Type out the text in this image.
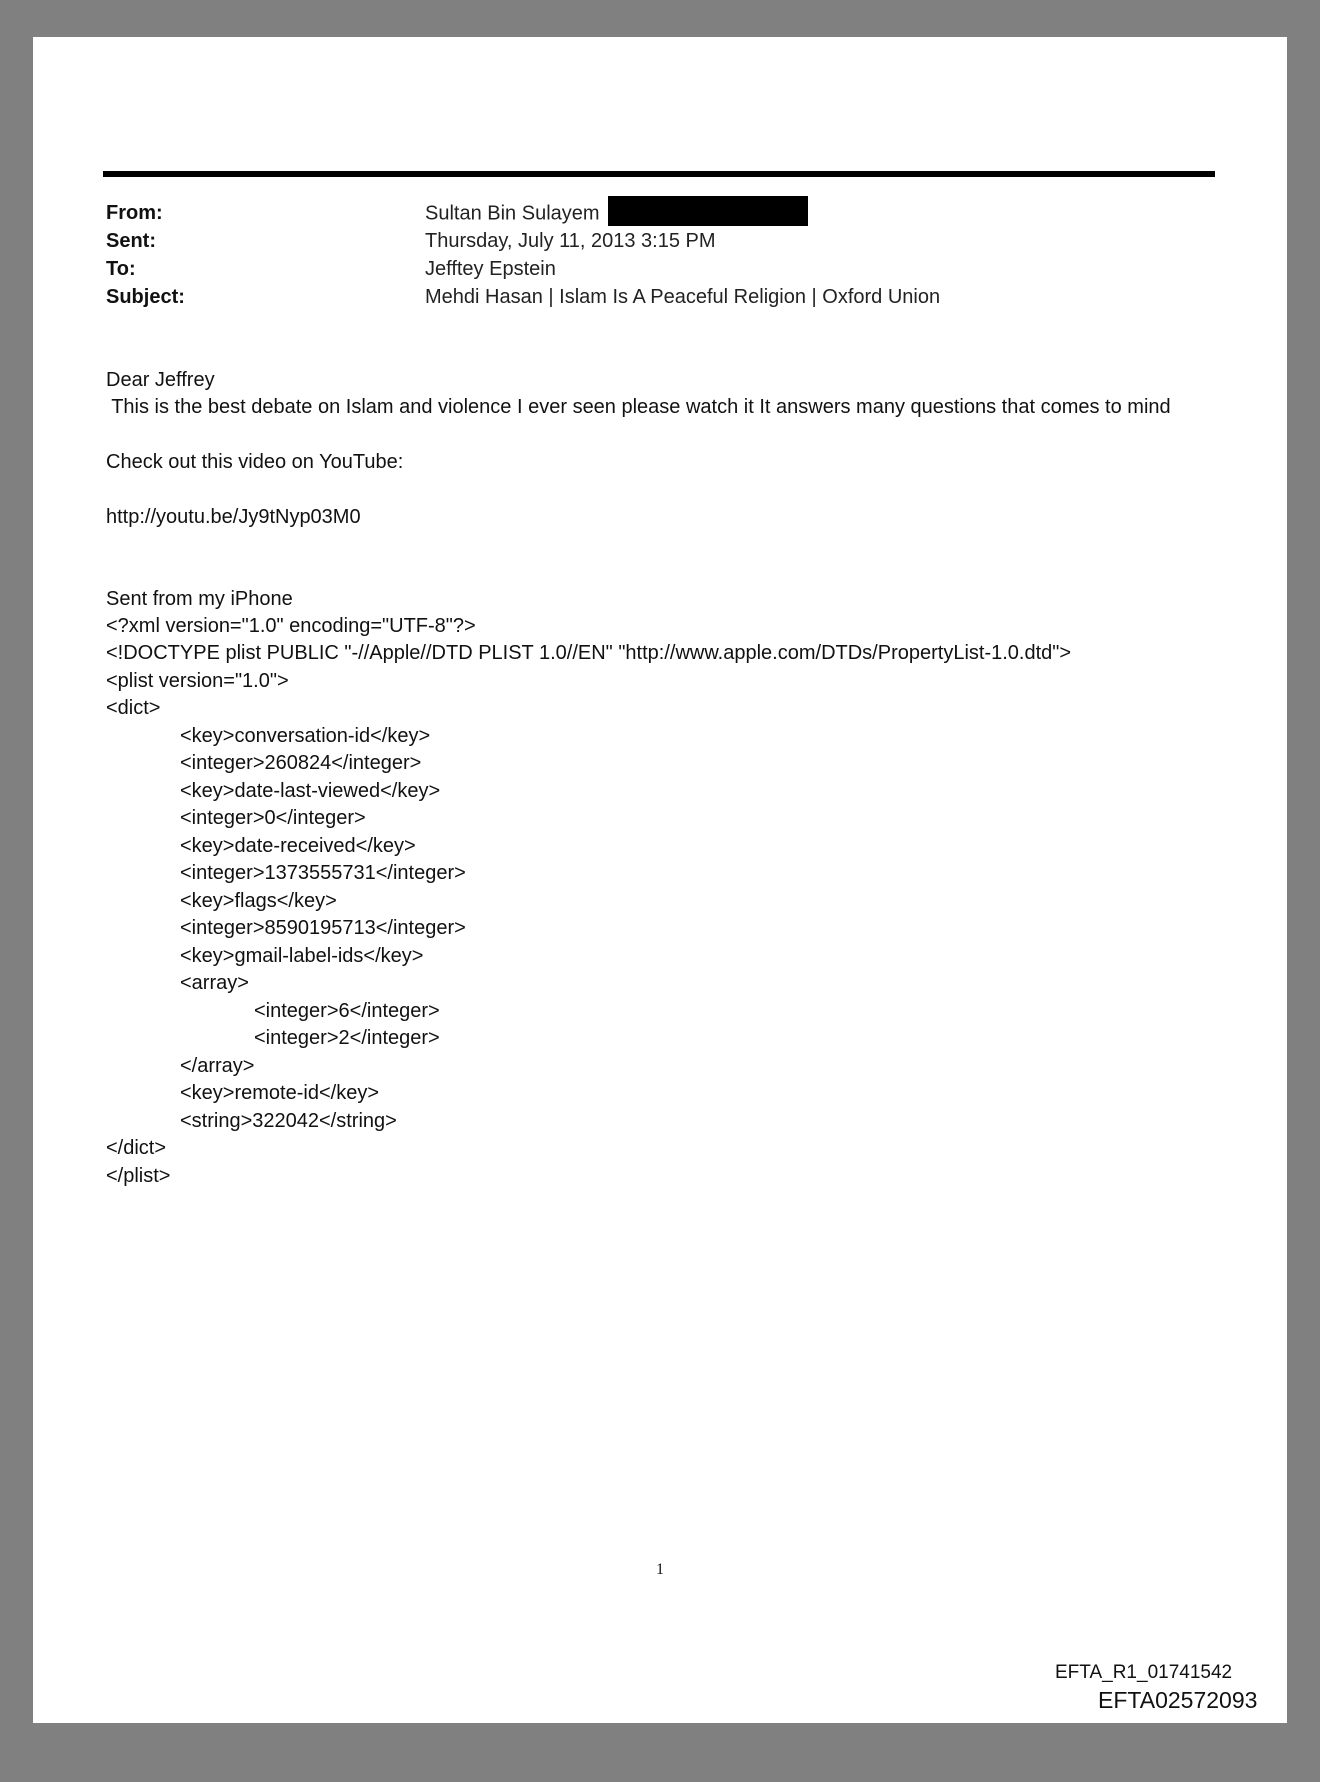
From:	Sultan Bin Sulayem
Sent:	Thursday, July 11, 2013 3:15 PM
To:	Jefftey Epstein
Subject:	Mehdi Hasan | Islam Is A Peaceful Religion | Oxford Union
Dear Jeffrey
This is the best debate on Islam and violence I ever seen please watch it It answers many questions that comes to mind
Check out this video on YouTube:
http://youtu.be/Jy9tNyp03M0
Sent from my iPhone
<?xml version="1.0" encoding="UTF-8"?>
<!DOCTYPE plist PUBLIC "-//Apple//DTD PLIST 1.0//EN" "http://www.apple.com/DTDs/PropertyList-1.0.dtd">
<plist version="1.0">
<dict>
<key>conversation-id</key>
<integer>260824</integer>
<key>date-last-viewed</key>
<integer>0</integer>
<key>date-received</key>
<integer>1373555731</integer>
<key>flags</key>
<integer>8590195713</integer>
<key>gmail-label-ids</key>
<array>
<integer>6</integer>
<integer>2</integer>
</array>
<key>remote-id</key>
<string>322042</string>
</dict>
</plist>
1
EFTA_R1_01741542
EFTA02572093
